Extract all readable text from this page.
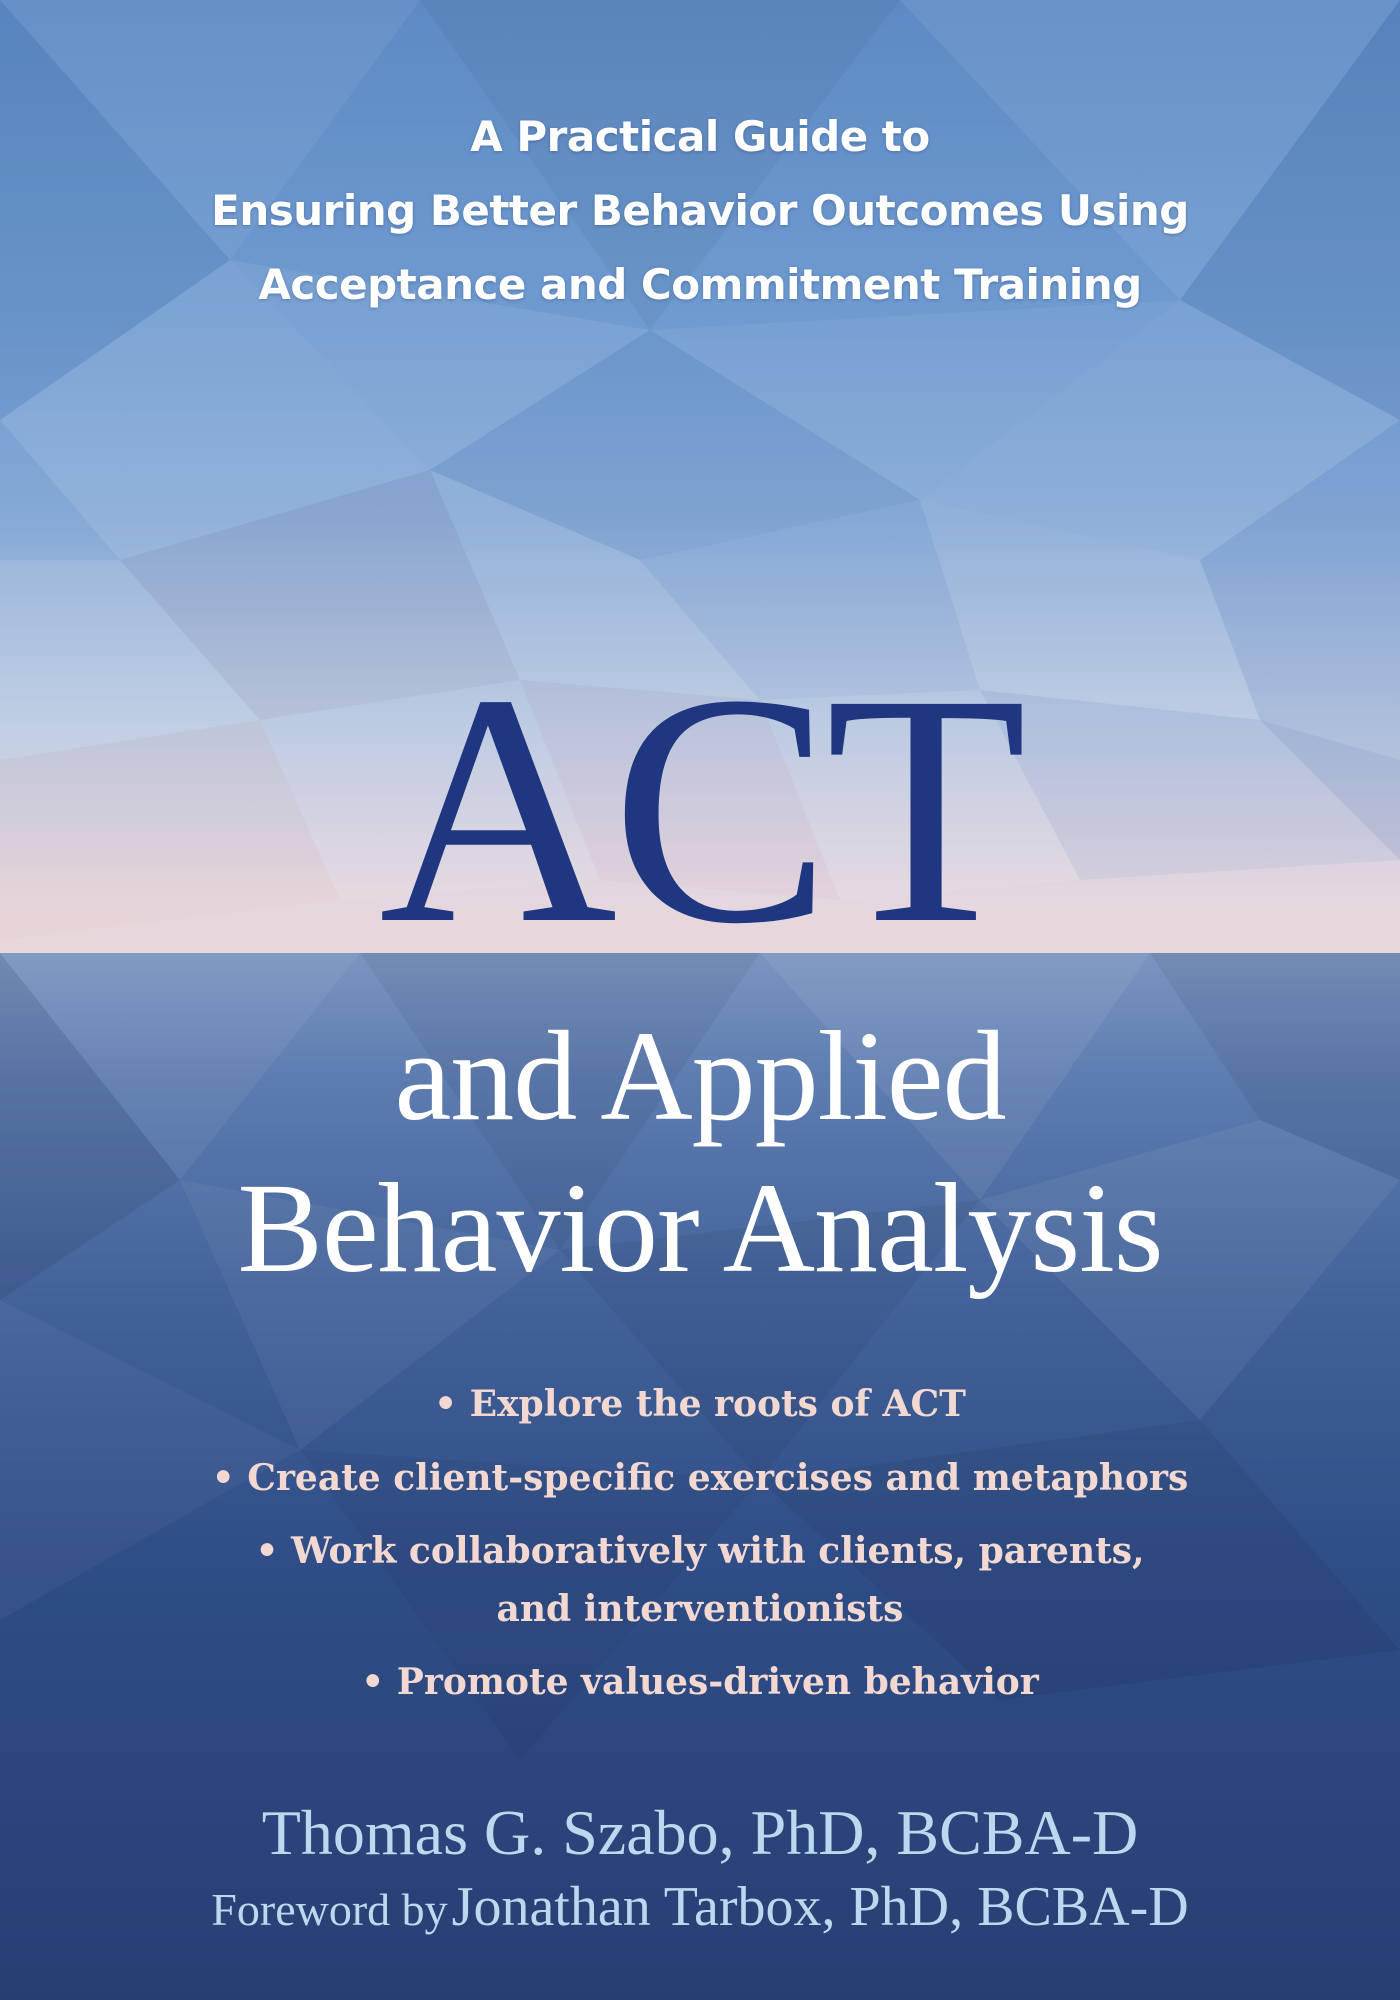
A Practical Guide to
Ensuring Better Behavior Outcomes Using
Acceptance and Commitment Training
ACT
and Applied
Behavior Analysis
• Explore the roots of ACT
• Create client-specific exercises and metaphors
• Work collaboratively with clients, parents,
and interventionists
• Promote values-driven behavior
Thomas G. Szabo, PhD, BCBA-D
Foreword by Jonathan Tarbox, PhD, BCBA-D
